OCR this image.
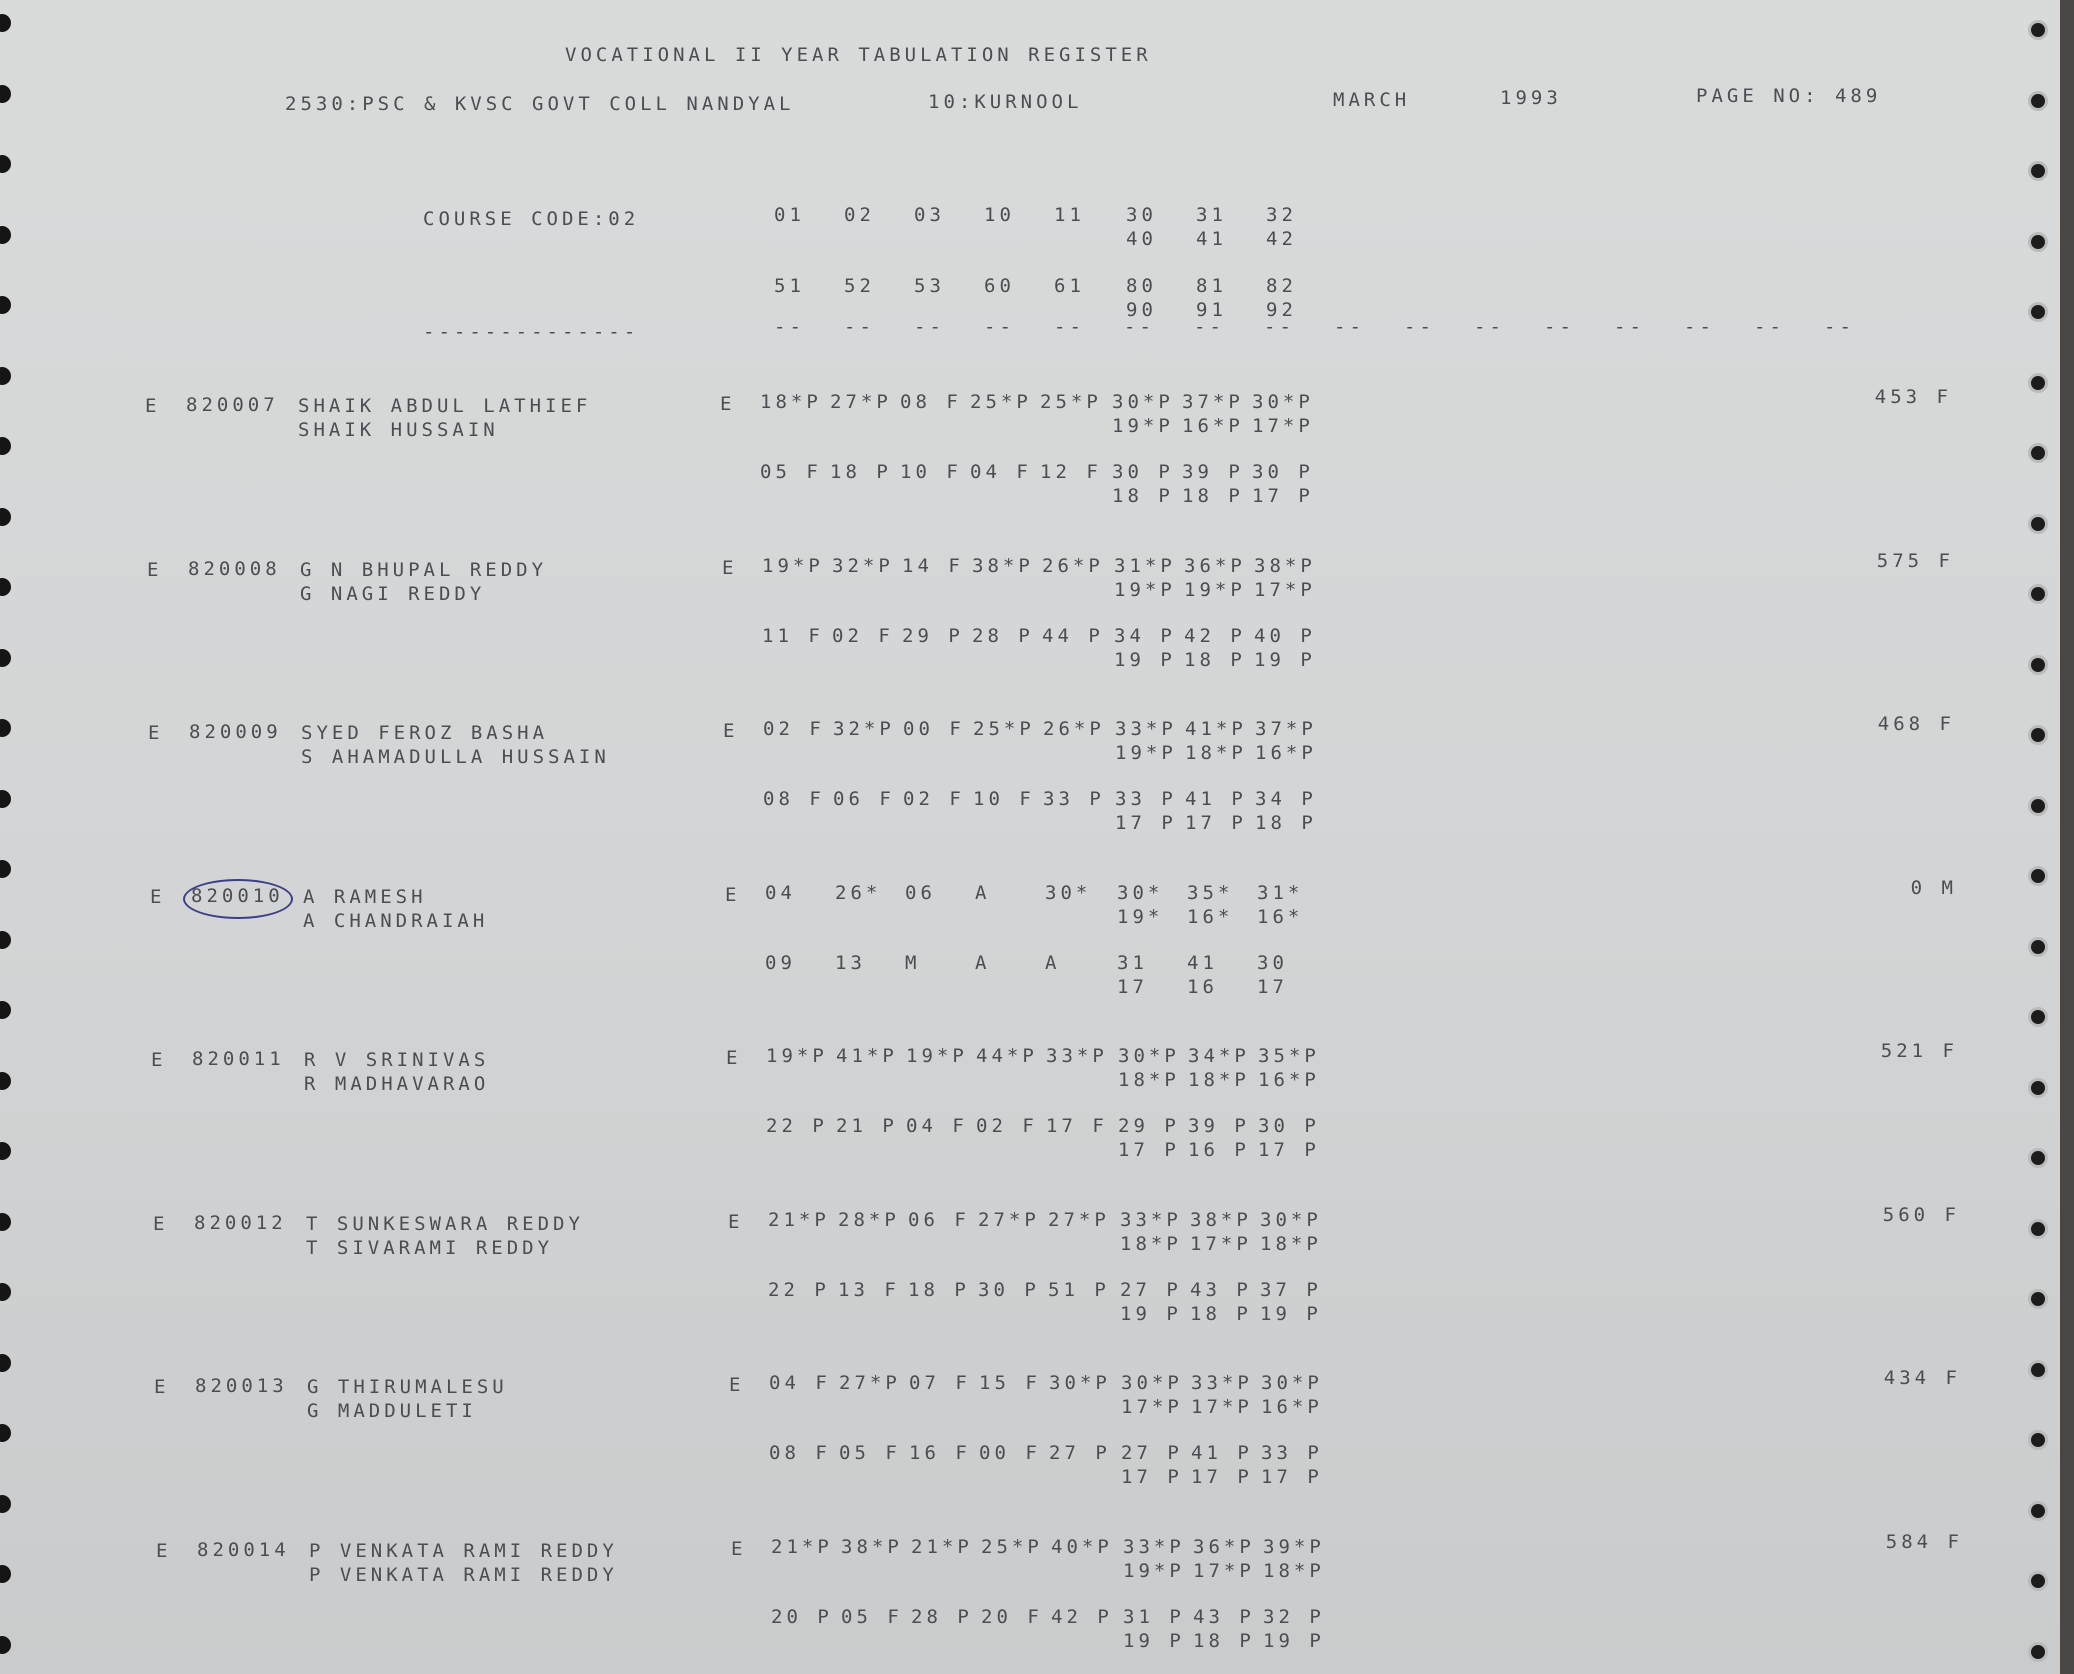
VOCATIONAL II YEAR TABULATION REGISTER
2530:PSC & KVSC GOVT COLL NANDYAL	10:KURNOOL	MARCH	1993	PAGE NO: 489
COURSE CODE:02
--------------
01 02 03 10 11 30 31 32
40 41 42
51 52 53 60 61 80 81 82
90 91 92
-- -- -- -- -- -- -- -- -- -- -- -- -- -- -- --
E 820007 SHAIK ABDUL LATHIEF
SHAIK HUSSAIN
E 18*P 27*P 08 F 25*P 25*P 30*P 37*P 30*P
19*P 16*P 17*P
05 F 18 P 10 F 04 F 12 F 30 P 39 P 30 P
18 P 18 P 17 P
453 F
E 820008 G N BHUPAL REDDY
G NAGI REDDY
E 19*P 32*P 14 F 38*P 26*P 31*P 36*P 38*P
19*P 19*P 17*P
11 F 02 F 29 P 28 P 44 P 34 P 42 P 40 P
19 P 18 P 19 P
575 F
E 820009 SYED FEROZ BASHA
S AHAMADULLA HUSSAIN
E 02 F 32*P 00 F 25*P 26*P 33*P 41*P 37*P
19*P 18*P 16*P
08 F 06 F 02 F 10 F 33 P 33 P 41 P 34 P
17 P 17 P 18 P
468 F
E 820010 A RAMESH
A CHANDRAIAH
E 04 26* 06 A	30* 30* 35* 31*
19* 16* 16*
09 13 M	A	A	31 41 30
17 16 17
0 M
E 820011 R V SRINIVAS
R MADHAVARAO
E 19*P 41*P 19*P 44*P 33*P 30*P 34*P 35*P
18*P 18*P 16*P
22 P 21 P 04 F 02 F 17 F 29 P 39 P 30 P
17 P 16 P 17 P
521 F
E 820012 T SUNKESWARA REDDY
T SIVARAMI REDDY
E 21*P 28*P 06 F 27*P 27*P 33*P 38*P 30*P
18*P 17*P 18*P
22 P 13 F 18 P 30 P 51 P 27 P 43 P 37 P
19 P 18 P 19 P
560 F
E 820013 G THIRUMALESU
G MADDULETI
E 04 F 27*P 07 F 15 F 30*P 30*P 33*P 30*P
17*P 17*P 16*P
08 F 05 F 16 F 00 F 27 P 27 P 41 P 33 P
17 P 17 P 17 P
434 F
E 820014 P VENKATA RAMI REDDY
P VENKATA RAMI REDDY
E 21*P 38*P 21*P 25*P 40*P 33*P 36*P 39*P
19*P 17*P 18*P
20 P 05 F 28 P 20 F 42 P 31 P 43 P 32 P
19 P 18 P 19 P
584 F
